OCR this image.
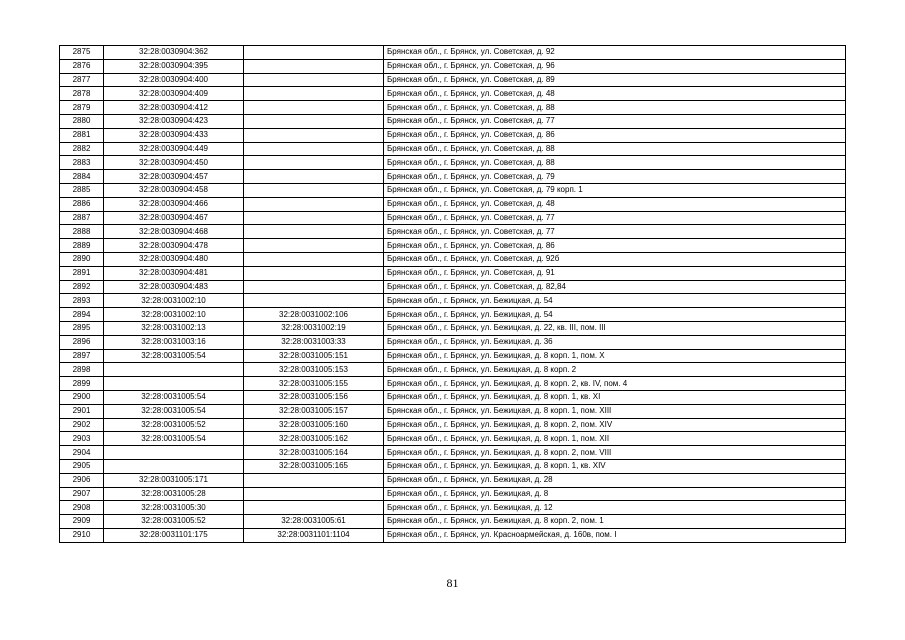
2875	32:28:0030904:362		Брянская обл., г. Брянск, ул. Советская, д. 92
2876	32:28:0030904:395		Брянская обл., г. Брянск, ул. Советская, д. 96
2877	32:28:0030904:400		Брянская обл., г. Брянск, ул. Советская, д. 89
2878	32:28:0030904:409		Брянская обл., г. Брянск, ул. Советская, д. 48
2879	32:28:0030904:412		Брянская обл., г. Брянск, ул. Советская, д. 88
2880	32:28:0030904:423		Брянская обл., г. Брянск, ул. Советская, д. 77
2881	32:28:0030904:433		Брянская обл., г. Брянск, ул. Советская, д. 86
2882	32:28:0030904:449		Брянская обл., г. Брянск, ул. Советская, д. 88
2883	32:28:0030904:450		Брянская обл., г. Брянск, ул. Советская, д. 88
2884	32:28:0030904:457		Брянская обл., г. Брянск, ул. Советская, д. 79
2885	32:28:0030904:458		Брянская обл., г. Брянск, ул. Советская, д. 79 корп. 1
2886	32:28:0030904:466		Брянская обл., г. Брянск, ул. Советская, д. 48
2887	32:28:0030904:467		Брянская обл., г. Брянск, ул. Советская, д. 77
2888	32:28:0030904:468		Брянская обл., г. Брянск, ул. Советская, д. 77
2889	32:28:0030904:478		Брянская обл., г. Брянск, ул. Советская, д. 86
2890	32:28:0030904:480		Брянская обл., г. Брянск, ул. Советская, д. 92б
2891	32:28:0030904:481		Брянская обл., г. Брянск, ул. Советская, д. 91
2892	32:28:0030904:483		Брянская обл., г. Брянск, ул. Советская, д. 82,84
2893	32:28:0031002:10		Брянская обл., г. Брянск, ул. Бежицкая, д. 54
2894	32:28:0031002:10	32:28:0031002:106	Брянская обл., г. Брянск, ул. Бежицкая, д. 54
2895	32:28:0031002:13	32:28:0031002:19	Брянская обл., г. Брянск, ул. Бежицкая, д. 22, кв. III, пом. III
2896	32:28:0031003:16	32:28:0031003:33	Брянская обл., г. Брянск, ул. Бежицкая, д. 36
2897	32:28:0031005:54	32:28:0031005:151	Брянская обл., г. Брянск, ул. Бежицкая, д. 8 корп. 1, пом. X
2898		32:28:0031005:153	Брянская обл., г. Брянск, ул. Бежицкая, д. 8 корп. 2
2899		32:28:0031005:155	Брянская обл., г. Брянск, ул. Бежицкая, д. 8 корп. 2, кв. IV, пом. 4
2900	32:28:0031005:54	32:28:0031005:156	Брянская обл., г. Брянск, ул. Бежицкая, д. 8 корп. 1, кв. XI
2901	32:28:0031005:54	32:28:0031005:157	Брянская обл., г. Брянск, ул. Бежицкая, д. 8 корп. 1, пом. XIII
2902	32:28:0031005:52	32:28:0031005:160	Брянская обл., г. Брянск, ул. Бежицкая, д. 8 корп. 2, пом. XIV
2903	32:28:0031005:54	32:28:0031005:162	Брянская обл., г. Брянск, ул. Бежицкая, д. 8 корп. 1, пом. XII
2904		32:28:0031005:164	Брянская обл., г. Брянск, ул. Бежицкая, д. 8 корп. 2, пом. VIII
2905		32:28:0031005:165	Брянская обл., г. Брянск, ул. Бежицкая, д. 8 корп. 1, кв. XIV
2906	32:28:0031005:171		Брянская обл., г. Брянск, ул. Бежицкая, д. 28
2907	32:28:0031005:28		Брянская обл., г. Брянск, ул. Бежицкая, д. 8
2908	32:28:0031005:30		Брянская обл., г. Брянск, ул. Бежицкая, д. 12
2909	32:28:0031005:52	32:28:0031005:61	Брянская обл., г. Брянск, ул. Бежицкая, д. 8 корп. 2, пом. 1
2910	32:28:0031101:175	32:28:0031101:1104	Брянская обл., г. Брянск, ул. Красноармейская, д. 160в, пом. I
81
